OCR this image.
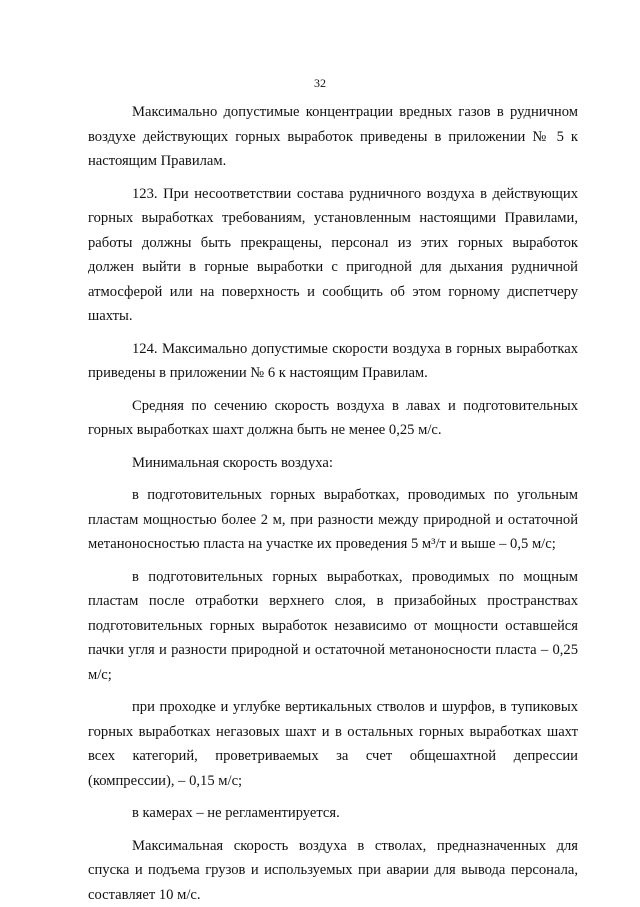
32

Максимально допустимые концентрации вредных газов в рудничном воздухе действующих горных выработок приведены в приложении № 5 к настоящим Правилам.

123. При несоответствии состава рудничного воздуха в действующих горных выработках требованиям, установленным настоящими Правилами, работы должны быть прекращены, персонал из этих горных выработок должен выйти в горные выработки с пригодной для дыхания рудничной атмосферой или на поверхность и сообщить об этом горному диспетчеру шахты.

124. Максимально допустимые скорости воздуха в горных выработках приведены в приложении № 6 к настоящим Правилам.

Средняя по сечению скорость воздуха в лавах и подготовительных горных выработках шахт должна быть не менее 0,25 м/с.

Минимальная скорость воздуха:

в подготовительных горных выработках, проводимых по угольным пластам мощностью более 2 м, при разности между природной и остаточной метаноносностью пласта на участке их проведения 5 м³/т и выше – 0,5 м/с;

в подготовительных горных выработках, проводимых по мощным пластам после отработки верхнего слоя, в призабойных пространствах подготовительных горных выработок независимо от мощности оставшейся пачки угля и разности природной и остаточной метаноносности пласта – 0,25 м/с;

при проходке и углубке вертикальных стволов и шурфов, в тупиковых горных выработках негазовых шахт и в остальных горных выработках шахт всех категорий, проветриваемых за счет общешахтной депрессии (компрессии), – 0,15 м/с;

в камерах – не регламентируется.

Максимальная скорость воздуха в стволах, предназначенных для спуска и подъема грузов и используемых при аварии для вывода персонала, составляет 10 м/с.
